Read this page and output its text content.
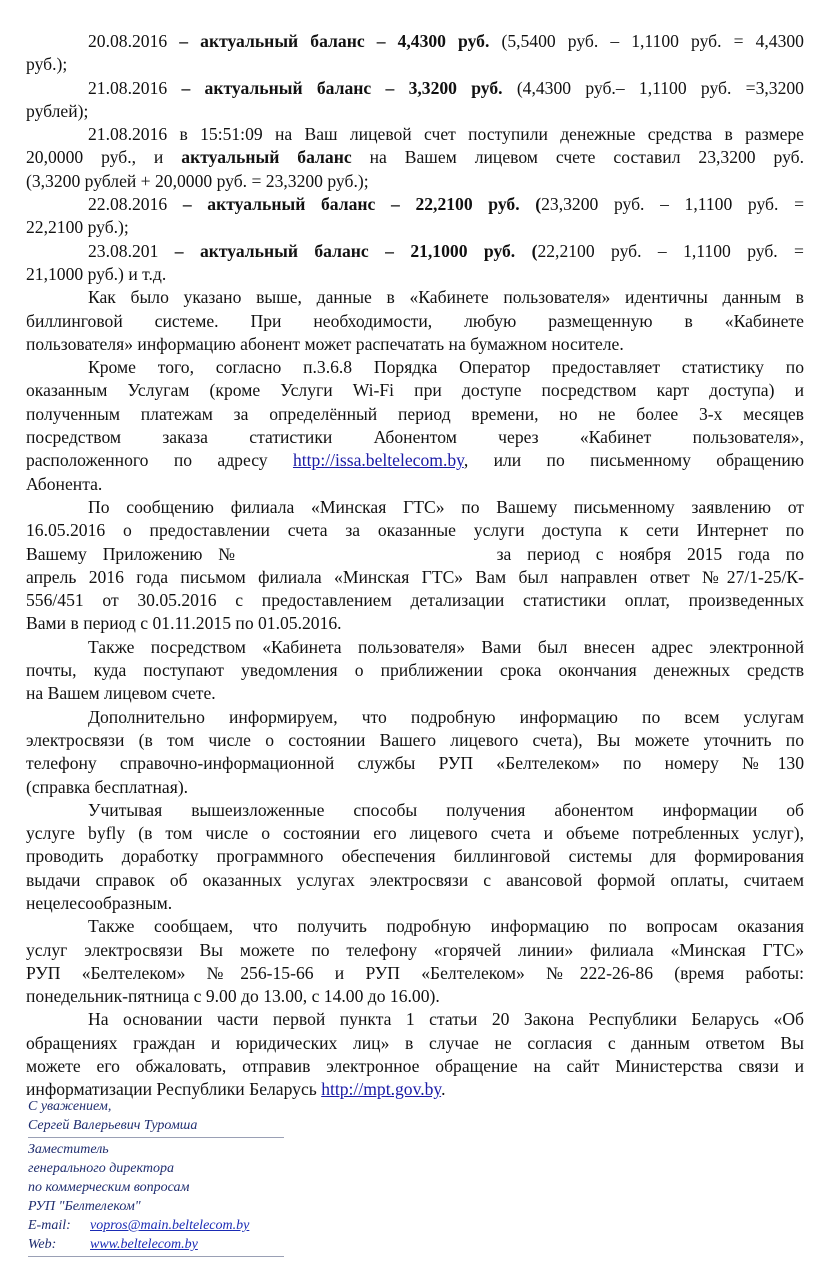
20.08.2016 – актуальный баланс – 4,4300 руб. (5,5400 руб. – 1,1100 руб. = 4,4300
руб.);
21.08.2016 – актуальный баланс – 3,3200 руб. (4,4300 руб.– 1,1100 руб. =3,3200
рублей);
21.08.2016 в 15:51:09 на Ваш лицевой счет поступили денежные средства в размере
20,0000 руб., и актуальный баланс на Вашем лицевом счете составил 23,3200 руб.
(3,3200 рублей + 20,0000 руб. = 23,3200 руб.);
22.08.2016 – актуальный баланс – 22,2100 руб. (23,3200 руб. – 1,1100 руб. =
22,2100 руб.);
23.08.201 – актуальный баланс – 21,1000 руб. (22,2100 руб. – 1,1100 руб. =
21,1000 руб.) и т.д.
Как было указано выше, данные в «Кабинете пользователя» идентичны данным в
биллинговой системе. При необходимости, любую размещенную в «Кабинете
пользователя» информацию абонент может распечатать на бумажном носителе.
Кроме того, согласно п.3.6.8 Порядка Оператор предоставляет статистику по
оказанным Услугам (кроме Услуги Wi-Fi при доступе посредством карт доступа) и
полученным платежам за определённый период времени, но не более 3-х месяцев
посредством заказа статистики Абонентом через «Кабинет пользователя»,
расположенного по адресу http://issa.beltelecom.by, или по письменному обращению
Абонента.
По сообщению филиала «Минская ГТС» по Вашему письменному заявлению от
16.05.2016 о предоставлении счета за оказанные услуги доступа к сети Интернет по
Вашему Приложению №	за период с ноября 2015 года по
апрель 2016 года письмом филиала «Минская ГТС» Вам был направлен ответ №27/1-25/К-
556/451 от 30.05.2016 с предоставлением детализации статистики оплат, произведенных
Вами в период с 01.11.2015 по 01.05.2016.
Также посредством «Кабинета пользователя» Вами был внесен адрес электронной
почты, куда поступают уведомления о приближении срока окончания денежных средств
на Вашем лицевом счете.
Дополнительно информируем, что подробную информацию по всем услугам
электросвязи (в том числе о состоянии Вашего лицевого счета), Вы можете уточнить по
телефону справочно-информационной службы РУП «Белтелеком» по номеру №130
(справка бесплатная).
Учитывая вышеизложенные способы получения абонентом информации об
услуге byfly (в том числе о состоянии его лицевого счета и объеме потребленных услуг),
проводить доработку программного обеспечения биллинговой системы для формирования
выдачи справок об оказанных услугах электросвязи с авансовой формой оплаты, считаем
нецелесообразным.
Также сообщаем, что получить подробную информацию по вопросам оказания
услуг электросвязи Вы можете по телефону «горячей линии» филиала «Минская ГТС»
РУП «Белтелеком» №256-15-66 и РУП «Белтелеком» №222-26-86 (время работы:
понедельник-пятница с 9.00 до 13.00, с 14.00 до 16.00).
На основании части первой пункта 1 статьи 20 Закона Республики Беларусь «Об
обращениях граждан и юридических лиц» в случае не согласия с данным ответом Вы
можете его обжаловать, отправив электронное обращение на сайт Министерства связи и
информатизации Республики Беларусь http://mpt.gov.by.
С уважением,
Сергей Валерьевич Туромша
Заместитель
генерального директора
по коммерческим вопросам
РУП "Белтелеком"
E-mail: vopros@main.beltelecom.by
Web: www.beltelecom.by
